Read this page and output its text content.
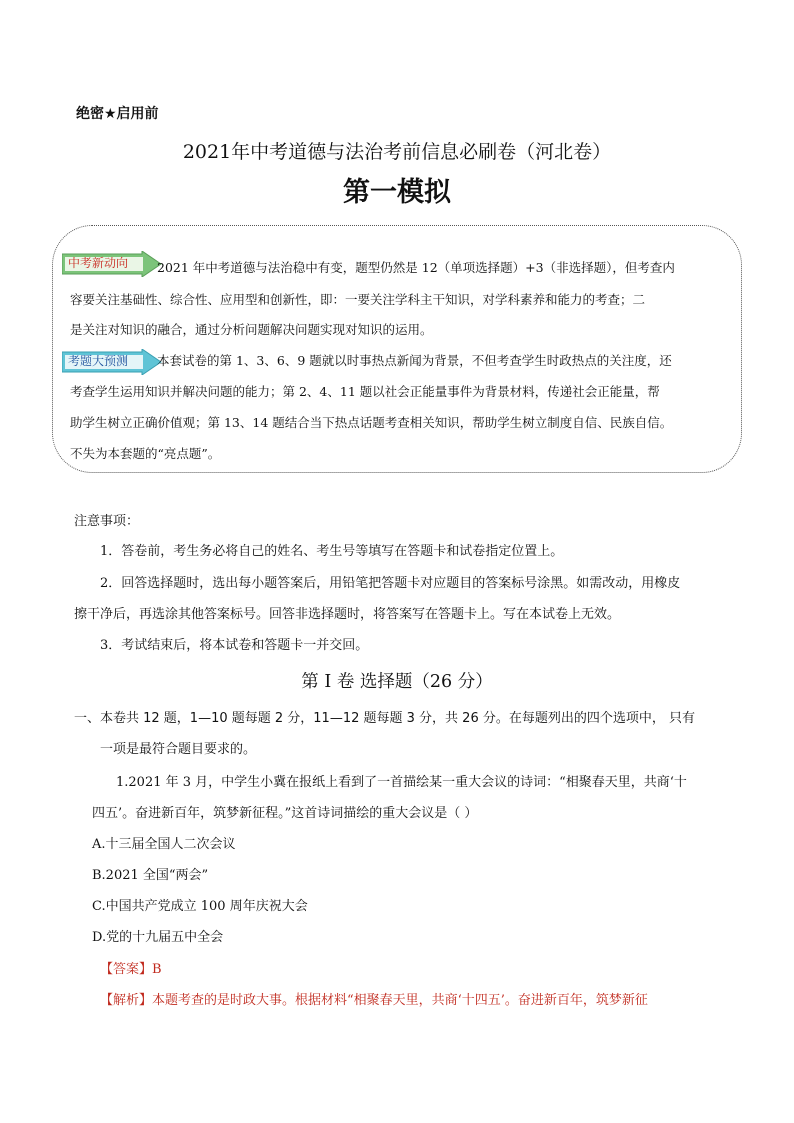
绝密★启用前
2021年中考道德与法治考前信息必刷卷（河北卷）
第一模拟
中考新动向
考题大预测
2021 年中考道德与法治稳中有变，题型仍然是 12（单项选择题）+3（非选择题），但考查内
容要关注基础性、综合性、应用型和创新性，即：一要关注学科主干知识，对学科素养和能力的考查；二
是关注对知识的融合，通过分析问题解决问题实现对知识的运用。
本套试卷的第 1、3、6、9 题就以时事热点新闻为背景，不但考查学生时政热点的关注度，还
考查学生运用知识并解决问题的能力；第 2、4、11 题以社会正能量事件为背景材料，传递社会正能量，帮
助学生树立正确价值观；第 13、14 题结合当下热点话题考查相关知识，帮助学生树立制度自信、民族自信。
不失为本套题的“亮点题”。
注意事项：
1．答卷前，考生务必将自己的姓名、考生号等填写在答题卡和试卷指定位置上。
2．回答选择题时，选出每小题答案后，用铅笔把答题卡对应题目的答案标号涂黑。如需改动，用橡皮
擦干净后，再选涂其他答案标号。回答非选择题时，将答案写在答题卡上。写在本试卷上无效。
3．考试结束后，将本试卷和答题卡一并交回。
第 I 卷 选择题（26 分）
一、本卷共 12 题，1—10 题每题 2 分，11—12 题每题 3 分，共 26 分。在每题列出的四个选项中， 只有
一项是最符合题目要求的。
1.2021 年 3 月，中学生小冀在报纸上看到了一首描绘某一重大会议的诗词：“相聚春天里，共商‘十
四五’。奋进新百年，筑梦新征程。”这首诗词描绘的重大会议是（ ）
A.十三届全国人二次会议
B.2021 全国“两会”
C.中国共产党成立 100 周年庆祝大会
D.党的十九届五中全会
【答案】B
【解析】本题考查的是时政大事。根据材料“相聚春天里，共商‘十四五’。奋进新百年，筑梦新征
